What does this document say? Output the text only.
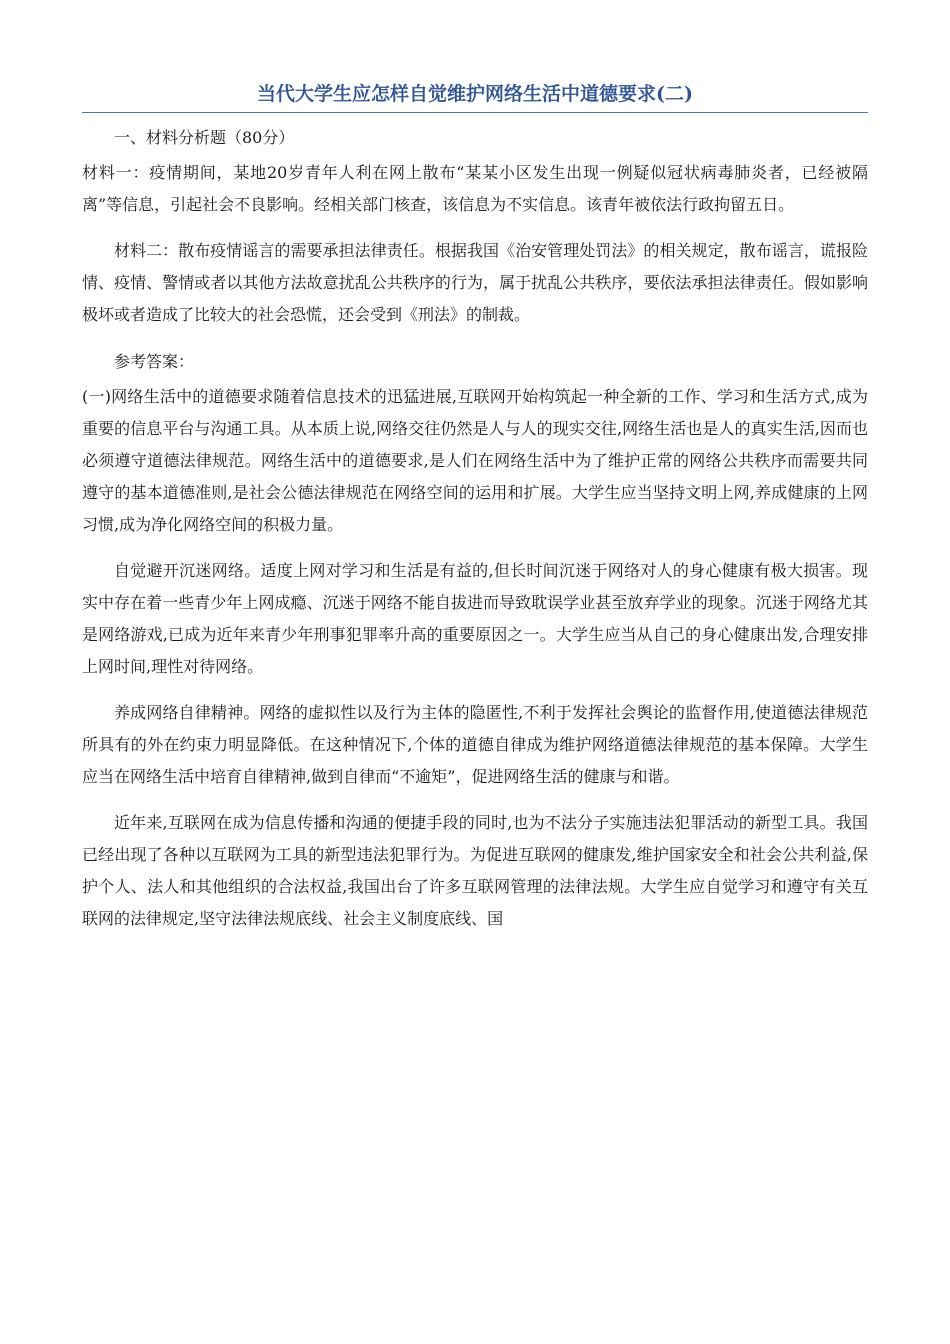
当代大学生应怎样自觉维护网络生活中道德要求(二)
一、材料分析题（80分）

材料一：疫情期间，某地20岁青年人利在网上散布“某某小区发生出现一例疑似冠状病毒肺炎者，已经被隔离”等信息，引起社会不良影响。经相关部门核查，该信息为不实信息。该青年被依法行政拘留五日。

材料二：散布疫情谣言的需要承担法律责任。根据我国《治安管理处罚法》的相关规定，散布谣言，谎报险情、疫情、警情或者以其他方法故意扰乱公共秩序的行为，属于扰乱公共秩序，要依法承担法律责任。假如影响极坏或者造成了比较大的社会恐慌，还会受到《刑法》的制裁。

参考答案：

(一)网络生活中的道德要求随着信息技术的迅猛进展,互联网开始构筑起一种全新的工作、学习和生活方式,成为重要的信息平台与沟通工具。从本质上说,网络交往仍然是人与人的现实交往,网络生活也是人的真实生活,因而也必须遵守道德法律规范。网络生活中的道德要求,是人们在网络生活中为了维护正常的网络公共秩序而需要共同遵守的基本道德准则,是社会公德法律规范在网络空间的运用和扩展。大学生应当坚持文明上网,养成健康的上网习惯,成为净化网络空间的积极力量。

自觉避开沉迷网络。适度上网对学习和生活是有益的,但长时间沉迷于网络对人的身心健康有极大损害。现实中存在着一些青少年上网成瘾、沉迷于网络不能自拔进而导致耽误学业甚至放弃学业的现象。沉迷于网络尤其是网络游戏,已成为近年来青少年刑事犯罪率升高的重要原因之一。大学生应当从自己的身心健康出发,合理安排上网时间,理性对待网络。

养成网络自律精神。网络的虚拟性以及行为主体的隐匿性,不利于发挥社会舆论的监督作用,使道德法律规范所具有的外在约束力明显降低。在这种情况下,个体的道德自律成为维护网络道德法律规范的基本保障。大学生应当在网络生活中培育自律精神,做到自律而“不逾矩”，促进网络生活的健康与和谐。

近年来,互联网在成为信息传播和沟通的便捷手段的同时,也为不法分子实施违法犯罪活动的新型工具。我国已经出现了各种以互联网为工具的新型违法犯罪行为。为促进互联网的健康发,维护国家安全和社会公共利益,保护个人、法人和其他组织的合法权益,我国出台了许多互联网管理的法律法规。大学生应自觉学习和遵守有关互联网的法律规定,坚守法律法规底线、社会主义制度底线、国
